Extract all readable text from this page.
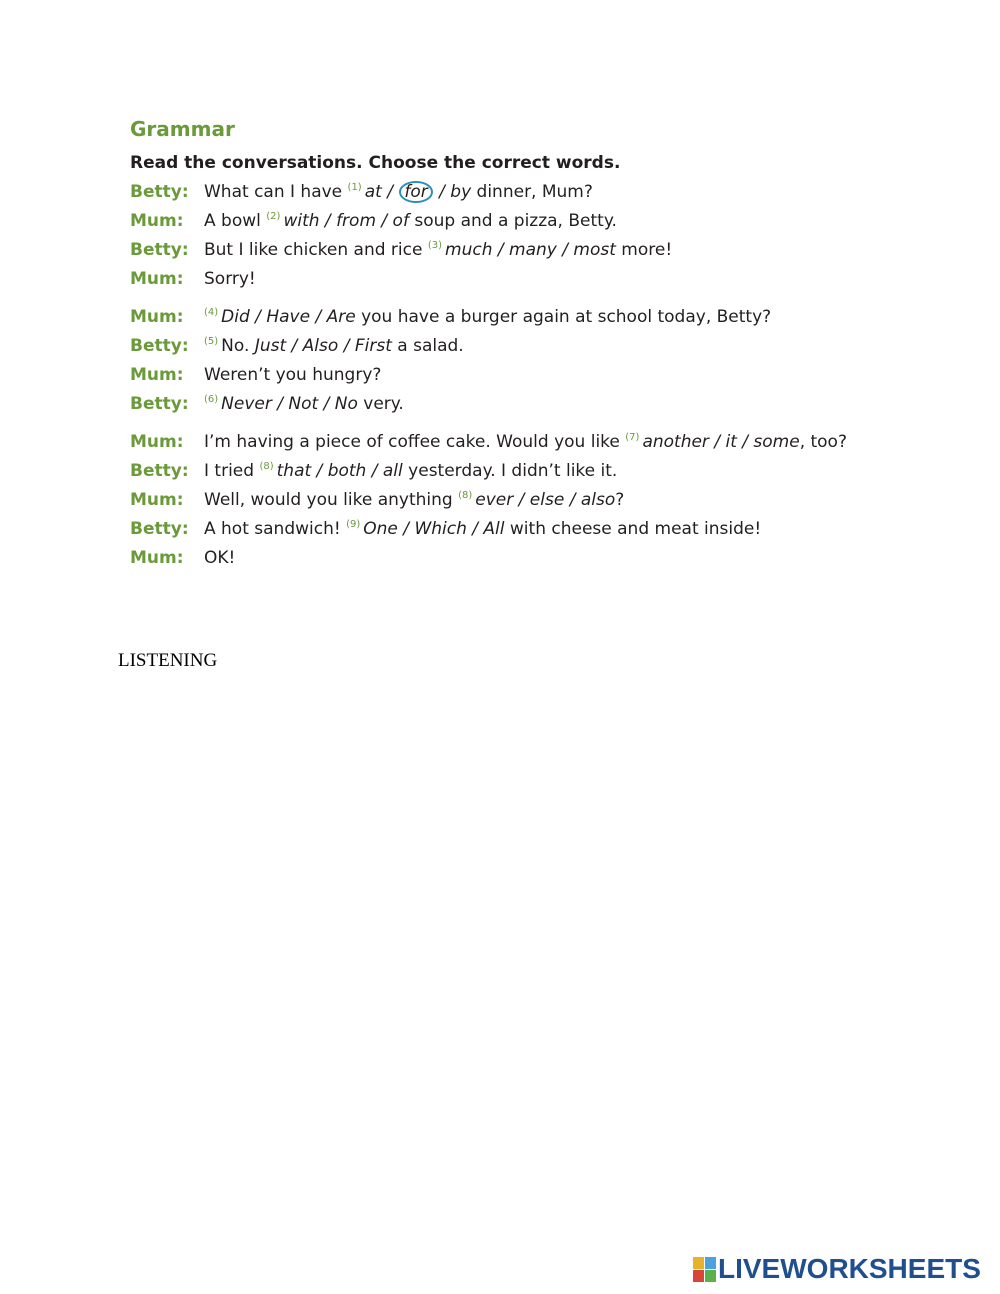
Grammar
Read the conversations. Choose the correct words.
Betty: What can I have $^{(1)}$ at / for / by dinner, Mum?
Mum:	A bowl $^{(2)}$ with / from / of soup and a pizza, Betty.
Betty: But I like chicken and rice $^{(3)}$ much / many / most more!
Mum:	Sorry!
Mum:	$^{(4)}$ Did / Have / Are you have a burger again at school today, Betty?
Betty:	$^{(5)}$ No. Just / Also / First a salad.
Mum:	Weren’t you hungry?
Betty:	$^{(6)}$ Never / Not / No very.
Mum:	I’m having a piece of coffee cake. Would you like $^{(7)}$ another / it / some, too?
Betty: I tried $^{(8)}$ that / both / all yesterday. I didn’t like it.
Mum:	Well, would you like anything $^{(8)}$ ever / else / also?
Betty: A hot sandwich! $^{(9)}$ One / Which / All with cheese and meat inside!
Mum:	OK!
LISTENING
LIVEWORKSHEETS
